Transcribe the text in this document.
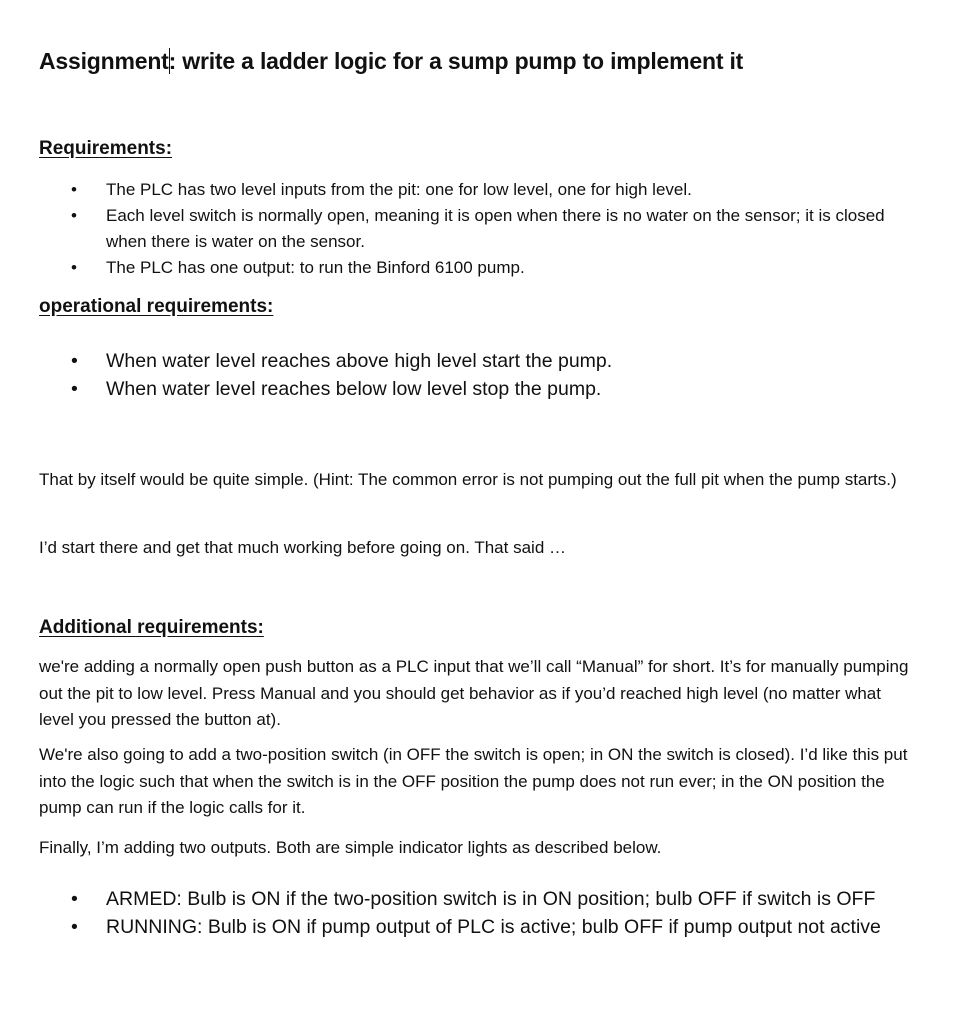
Assignment: write a ladder logic for a sump pump to implement it
Requirements:
• The PLC has two level inputs from the pit: one for low level, one for high level.
• Each level switch is normally open, meaning it is open when there is no water on the sensor; it is closed when there is water on the sensor.
• The PLC has one output: to run the Binford 6100 pump.
operational requirements:
• When water level reaches above high level start the pump.
• When water level reaches below low level stop the pump.

That by itself would be quite simple. (Hint: The common error is not pumping out the full pit when the pump starts.)

I’d start there and get that much working before going on. That said …

Additional requirements:

we're adding a normally open push button as a PLC input that we’ll call “Manual” for short. It’s for manually pumping out the pit to low level. Press Manual and you should get behavior as if you’d reached high level (no matter what level you pressed the button at).

We're also going to add a two-position switch (in OFF the switch is open; in ON the switch is closed). I’d like this put into the logic such that when the switch is in the OFF position the pump does not run ever; in the ON position the pump can run if the logic calls for it.

Finally, I’m adding two outputs. Both are simple indicator lights as described below.

• ARMED: Bulb is ON if the two-position switch is in ON position; bulb OFF if switch is OFF
• RUNNING: Bulb is ON if pump output of PLC is active; bulb OFF if pump output not active
